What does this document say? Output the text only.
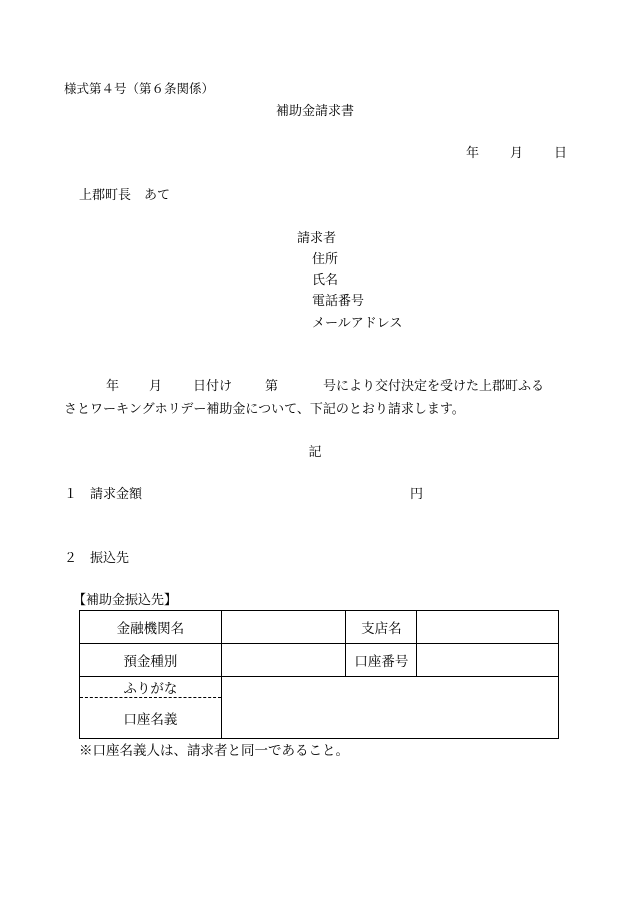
様式第４号（第６条関係）
補助金請求書
年 月 日
上郡町長　あて
請求者
住所
氏名
電話番号
メールアドレス
年 月 日付け	第	号により交付決定を受けた上郡町ふる
さとワーキングホリデー補助金について、下記のとおり請求します。
記
１　請求金額	円
２　振込先
【補助金振込先】
金融機関名		支店名	
預金種別		口座番号	
ふりがな			
口座名義			
※口座名義人は、請求者と同一であること。
